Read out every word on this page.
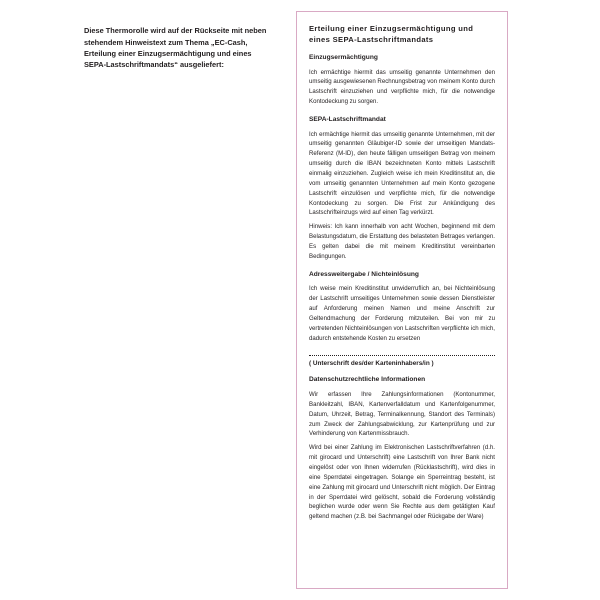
Diese Thermorolle wird auf der Rückseite mit neben stehendem Hinweistext zum Thema „EC-Cash, Erteilung einer Einzugsermächtigung und eines SEPA-Lastschriftmandats“ ausgeliefert:

Erteilung einer Einzugsermächtigung und eines SEPA-Lastschriftmandats
Einzugsermächtigung

Ich ermächtige hiermit das umseitig genannte Unternehmen den umseitig ausgewiesenen Rechnungsbetrag von meinem Konto durch Lastschrift einzuziehen und verpflichte mich, für die notwendige Kontodeckung zu sorgen.

SEPA-Lastschriftmandat

Ich ermächtige hiermit das umseitig genannte Unternehmen, mit der umseitig genannten Gläubiger-ID sowie der umseitigen Mandats-Referenz (M-ID), den heute fälligen umseitigen Betrag von meinem umseitig durch die IBAN bezeichneten Konto mittels Lastschrift einmalig einzuziehen. Zugleich weise ich mein Kreditinstitut an, die vom umseitig genannten Unternehmen auf mein Konto gezogene Lastschrift einzulösen und verpflichte mich, für die notwendige Kontodeckung zu sorgen. Die Frist zur Ankündigung des Lastschrifteinzugs wird auf einen Tag verkürzt.

Hinweis: Ich kann innerhalb von acht Wochen, beginnend mit dem Belastungsdatum, die Erstattung des belasteten Betrages verlangen. Es gelten dabei die mit meinem Kreditinstitut vereinbarten Bedingungen.

Adressweitergabe / Nichteinlösung

Ich weise mein Kreditinstitut unwiderruflich an, bei Nichteinlösung der Lastschrift umseitiges Unternehmen sowie dessen Dienstleister auf Anforderung meinen Namen und meine Anschrift zur Geltendmachung der Forderung mitzuteilen. Bei von mir zu vertretenden Nichteinlösungen von Lastschriften verpflichte ich mich, dadurch entstehende Kosten zu ersetzen

( Unterschrift des/der Karteninhabers/in )
Datenschutzrechtliche Informationen

Wir erfassen Ihre Zahlungsinformationen (Kontonummer, Bankleitzahl, IBAN, Kartenverfalldatum und Kartenfolgenummer, Datum, Uhrzeit, Betrag, Terminalkennung, Standort des Terminals) zum Zweck der Zahlungsabwicklung, zur Kartenprüfung und zur Verhinderung von Kartenmissbrauch.

Wird bei einer Zahlung im Elektronischen Lastschriftverfahren (d.h. mit girocard und Unterschrift) eine Lastschrift von Ihrer Bank nicht eingelöst oder von Ihnen widerrufen (Rücklastschrift), wird dies in eine Sperrdatei eingetragen. Solange ein Sperreintrag besteht, ist eine Zahlung mit girocard und Unterschrift nicht möglich. Der Eintrag in der Sperrdatei wird gelöscht, sobald die Forderung vollständig beglichen wurde oder wenn Sie Rechte aus dem getätigten Kauf geltend machen (z.B. bei Sachmangel oder Rückgabe der Ware)
